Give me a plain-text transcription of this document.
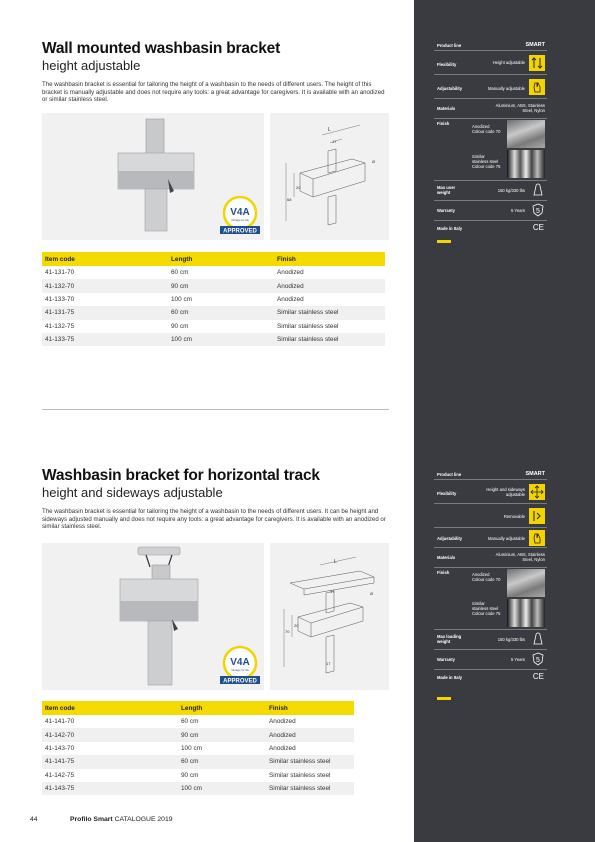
Wall mounted washbasin bracket
height adjustable
The washbasin bracket is essential for tailoring the height of a washbasin to the needs of different users. The height of this bracket is manually adjustable and does not require any tools: a great advantage for caregivers. It is available with an anodized or similar stainless steel.
V4A
Vintage for life
APPROVED
L
17
Ø
20
68
Item code	Length	Finish
41-131-70	60 cm	Anodized
41-132-70	90 cm	Anodized
41-133-70	100 cm	Anodized
41-131-75	60 cm	Similar stainless steel
41-132-75	90 cm	Similar stainless steel
41-133-75	100 cm	Similar stainless steel
Product line	SMART
Flexibility	Height adjustable
Adjustability	Manually adjustable
Materials
Aluminium, ABS, Stainless Steel, Nylon
Finish
Anodized Colour code 70
Similar stainless steel Colour code 75
Max user weight	150 kg/330 lbs
Warranty	5 Years 5
Made in Italy	CE
Washbasin bracket for horizontal track
height and sideways adjustable
The washbasin bracket is essential for tailoring the height of a washbasin to the needs of different users. It can be height and sideways adjusted manually and does not require any tools: a great advantage for caregivers. It is available with an anodized or similar stainless steel.
V4A
Vintage for life
APPROVED
L
17	Ø
20
70
17
Item code	Length	Finish
41-141-70	60 cm	Anodized
41-142-70	90 cm	Anodized
41-143-70	100 cm	Anodized
41-141-75	60 cm	Similar stainless steel
41-142-75	90 cm	Similar stainless steel
41-143-75	100 cm	Similar stainless steel
Product line	SMART
Flexibility
Height and sideways adjustable
Removable
Adjustability	Manually adjustable
Materials
Aluminium, ABS, Stainless Steel, Nylon
Finish	Anodized Colour code 70
Similar stainless steel Colour code 75
Max loading weight	150 kg/330 lbs
Warranty	5 Years 5
Made in Italy	CE
44	Profilo Smart CATALOGUE 2019
